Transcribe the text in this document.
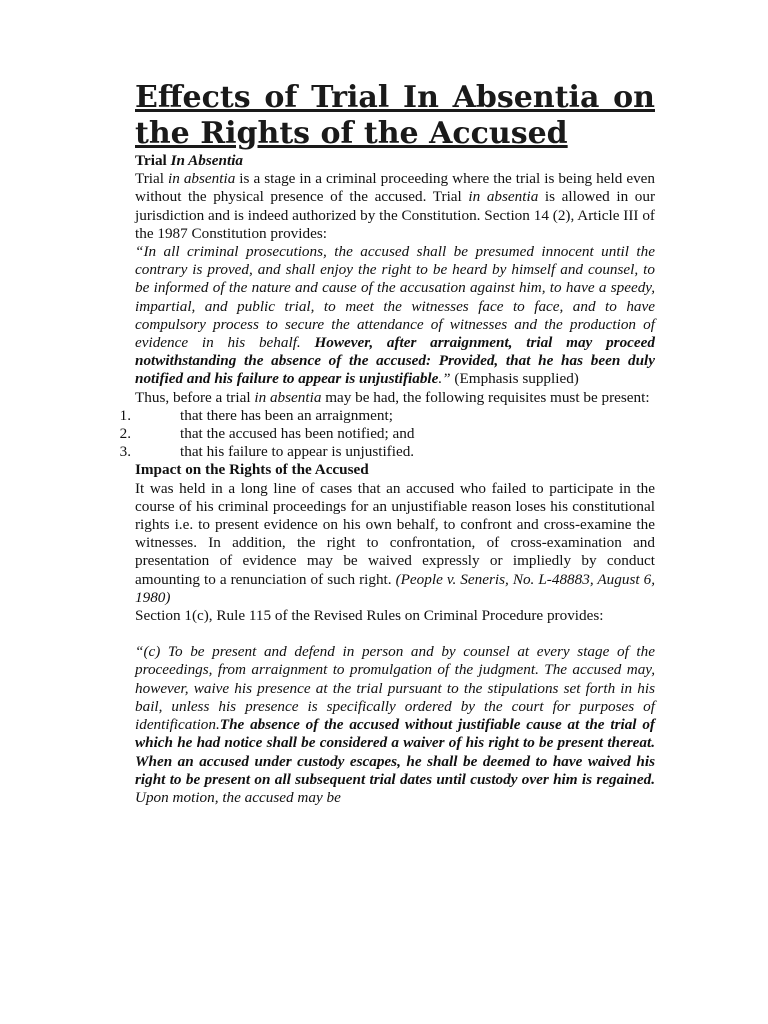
Effects of Trial In Absentia on the Rights of the Accused

Trial In Absentia

Trial in absentia is a stage in a criminal proceeding where the trial is being held even without the physical presence of the accused. Trial in absentia is allowed in our jurisdiction and is indeed authorized by the Constitution. Section 14 (2), Article III of the 1987 Constitution provides:

“In all criminal prosecutions, the accused shall be presumed innocent until the contrary is proved, and shall enjoy the right to be heard by himself and counsel, to be informed of the nature and cause of the accusation against him, to have a speedy, impartial, and public trial, to meet the witnesses face to face, and to have compulsory process to secure the attendance of witnesses and the production of evidence in his behalf. However, after arraignment, trial may proceed notwithstanding the absence of the accused: Provided, that he has been duly notified and his failure to appear is unjustifiable.” (Emphasis supplied)

Thus, before a trial in absentia may be had, the following requisites must be present:

1.	that there has been an arraignment;
2.	that the accused has been notified; and
3.	that his failure to appear is unjustified.

Impact on the Rights of the Accused

It was held in a long line of cases that an accused who failed to participate in the course of his criminal proceedings for an unjustifiable reason loses his constitutional rights i.e. to present evidence on his own behalf, to confront and cross-examine the witnesses. In addition, the right to confrontation, of cross-examination and presentation of evidence may be waived expressly or impliedly by conduct amounting to a renunciation of such right. (People v. Seneris, No. L-48883, August 6, 1980)

Section 1(c), Rule 115 of the Revised Rules on Criminal Procedure provides:

“(c) To be present and defend in person and by counsel at every stage of the proceedings, from arraignment to promulgation of the judgment. The accused may, however, waive his presence at the trial pursuant to the stipulations set forth in his bail, unless his presence is specifically ordered by the court for purposes of identification.The absence of the accused without justifiable cause at the trial of which he had notice shall be considered a waiver of his right to be present thereat. When an accused under custody escapes, he shall be deemed to have waived his right to be present on all subsequent trial dates until custody over him is regained. Upon motion, the accused may be
